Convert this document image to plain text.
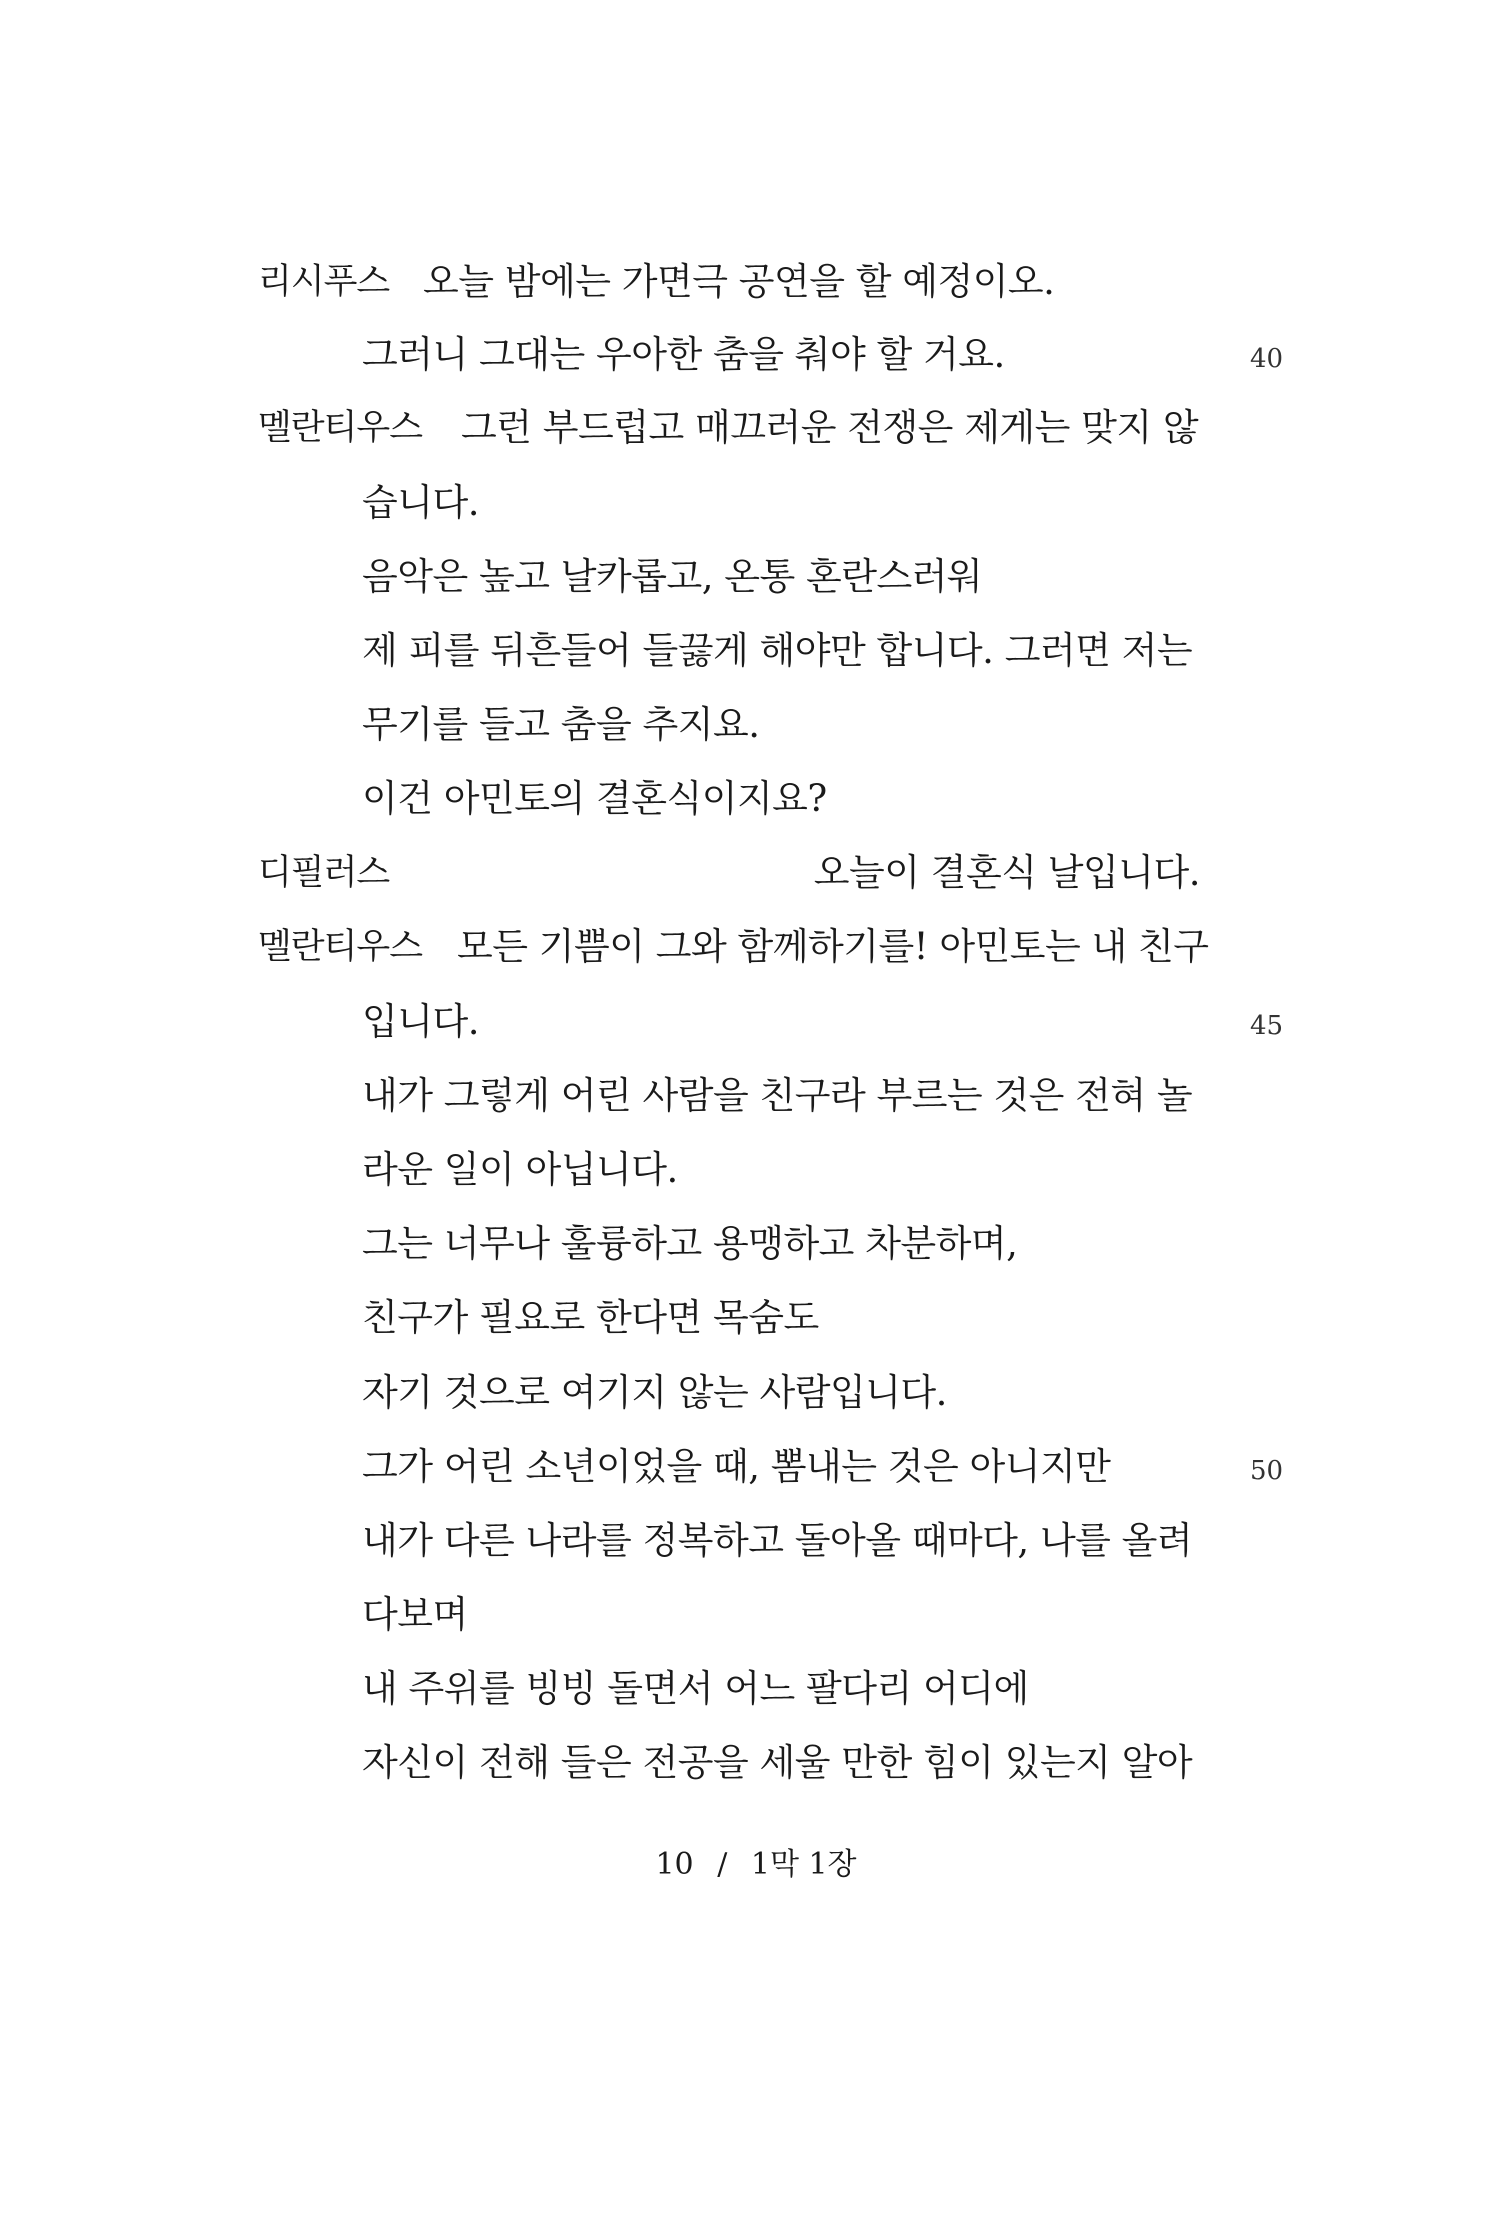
리시푸스 오늘 밤에는 가면극 공연을 할 예정이오.
그러니 그대는 우아한 춤을 춰야 할 거요.	40
멜란티우스 그런 부드럽고 매끄러운 전쟁은 제게는 맞지 않
습니다.
음악은 높고 날카롭고, 온통 혼란스러워
제 피를 뒤흔들어 들끓게 해야만 합니다. 그러면 저는
무기를 들고 춤을 추지요.
이건 아민토의 결혼식이지요?
디필러스	오늘이 결혼식 날입니다.
멜란티우스 모든 기쁨이 그와 함께하기를! 아민토는 내 친구
입니다.	45
내가 그렇게 어린 사람을 친구라 부르는 것은 전혀 놀
라운 일이 아닙니다.
그는 너무나 훌륭하고 용맹하고 차분하며,
친구가 필요로 한다면 목숨도
자기 것으로 여기지 않는 사람입니다.
그가 어린 소년이었을 때, 뽐내는 것은 아니지만	50
내가 다른 나라를 정복하고 돌아올 때마다, 나를 올려
다보며
내 주위를 빙빙 돌면서 어느 팔다리 어디에
자신이 전해 들은 전공을 세울 만한 힘이 있는지 알아
10 / 1막 1장
